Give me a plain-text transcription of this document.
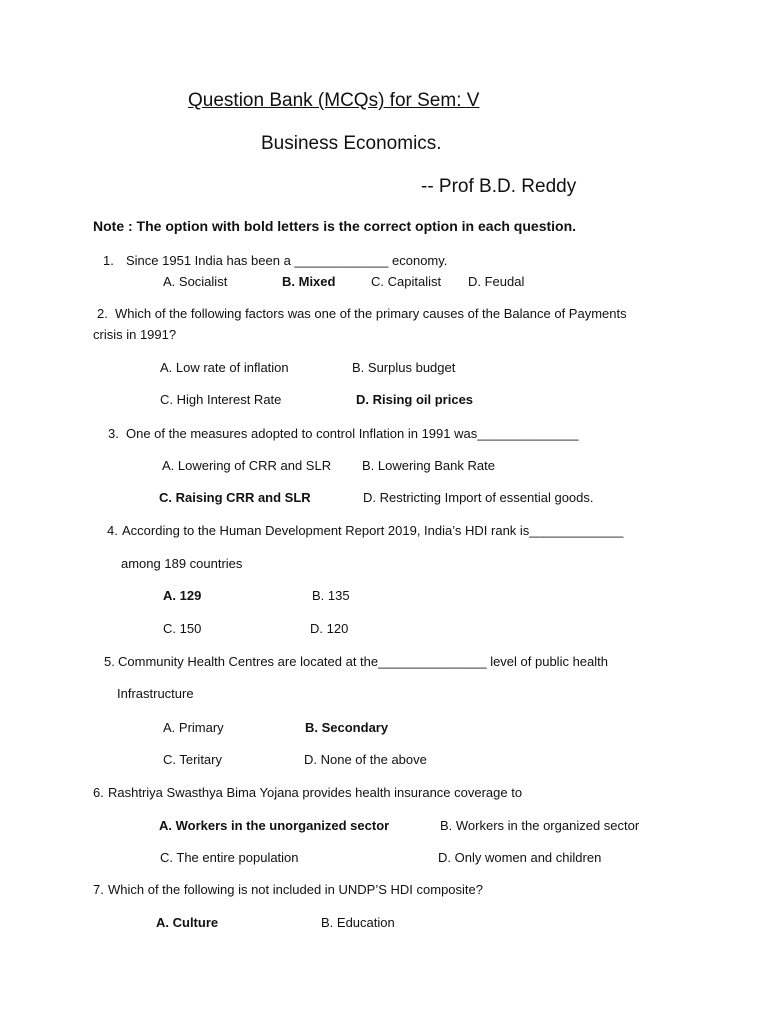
Question Bank (MCQs) for Sem: V
Business Economics.
-- Prof B.D. Reddy
Note : The option with bold letters is the correct option in each question.
1. Since 1951 India has been a _____________ economy.
A. Socialist	B. Mixed	C. Capitalist D. Feudal
2. Which of the following factors was one of the primary causes of the Balance of Payments
crisis in 1991?
A. Low rate of inflation	B. Surplus budget
C. High Interest Rate	D. Rising oil prices
3. One of the measures adopted to control Inflation in 1991 was______________
A. Lowering of CRR and SLR B. Lowering Bank Rate
C. Raising CRR and SLR	D. Restricting Import of essential goods.
4. According to the Human Development Report 2019, India’s HDI rank is_____________
among 189 countries
A. 129	B. 135
C. 150	D. 120
5. Community Health Centres are located at the_______________ level of public health
Infrastructure
A. Primary	B. Secondary
C. Teritary	D. None of the above
6. Rashtriya Swasthya Bima Yojana provides health insurance coverage to
A. Workers in the unorganized sector	B. Workers in the organized sector
C. The entire population	D. Only women and children
7. Which of the following is not included in UNDP’S HDI composite?
A. Culture	B. Education
